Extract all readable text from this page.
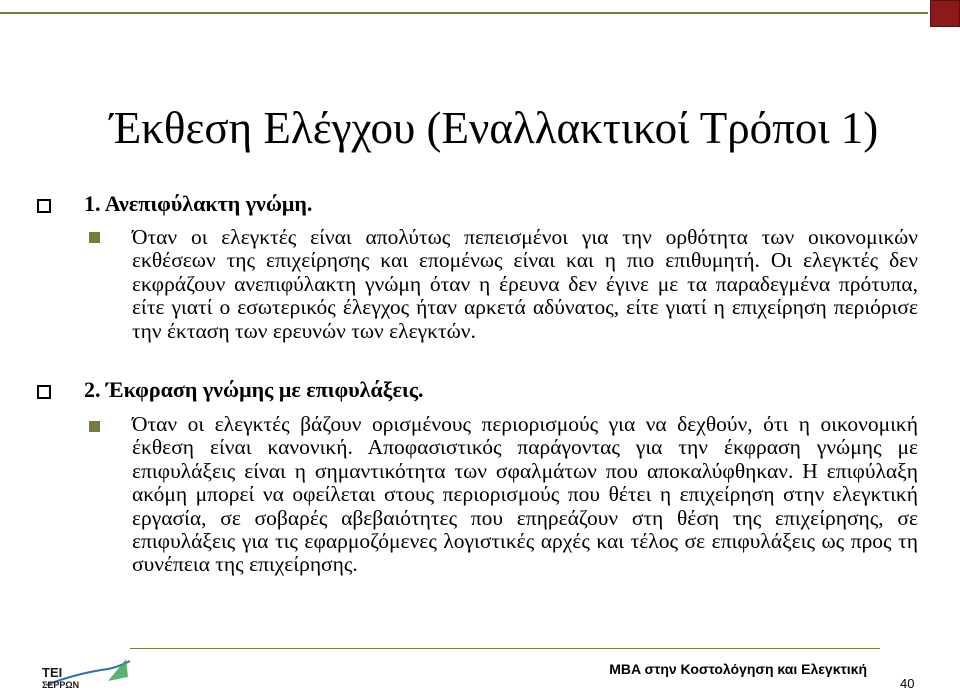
Έκθεση Ελέγχου (Εναλλακτικοί Τρόποι 1)
1. Ανεπιφύλακτη γνώμη.

Όταν οι ελεγκτές είναι απολύτως πεπεισμένοι για την ορθότητα των οικονομικών εκθέσεων της επιχείρησης και επομένως είναι και η πιο επιθυμητή. Οι ελεγκτές δεν εκφράζουν ανεπιφύλακτη γνώμη όταν η έρευνα δεν έγινε με τα παραδεγμένα πρότυπα, είτε γιατί ο εσωτερικός έλεγχος ήταν αρκετά αδύνατος, είτε γιατί η επιχείρηση περιόρισε την έκταση των ερευνών των ελεγκτών.

2. Έκφραση γνώμης με επιφυλάξεις.

Όταν οι ελεγκτές βάζουν ορισμένους περιορισμούς για να δεχθούν, ότι η οικονομική έκθεση είναι κανονική. Αποφασιστικός παράγοντας για την έκφραση γνώμης με επιφυλάξεις είναι η σημαντικότητα των σφαλμάτων που αποκαλύφθηκαν. Η επιφύλαξη ακόμη μπορεί να οφείλεται στους περιορισμούς που θέτει η επιχείρηση στην ελεγκτική εργασία, σε σοβαρές αβεβαιότητες που επηρεάζουν στη θέση της επιχείρησης, σε επιφυλάξεις για τις εφαρμοζόμενες λογιστικές αρχές και τέλος σε επιφυλάξεις ως προς τη συνέπεια της επιχείρησης.

ΤΕΙ
ΣΕΡΡΩΝ
MBA στην Κοστολόγηση και Ελεγκτική
40
